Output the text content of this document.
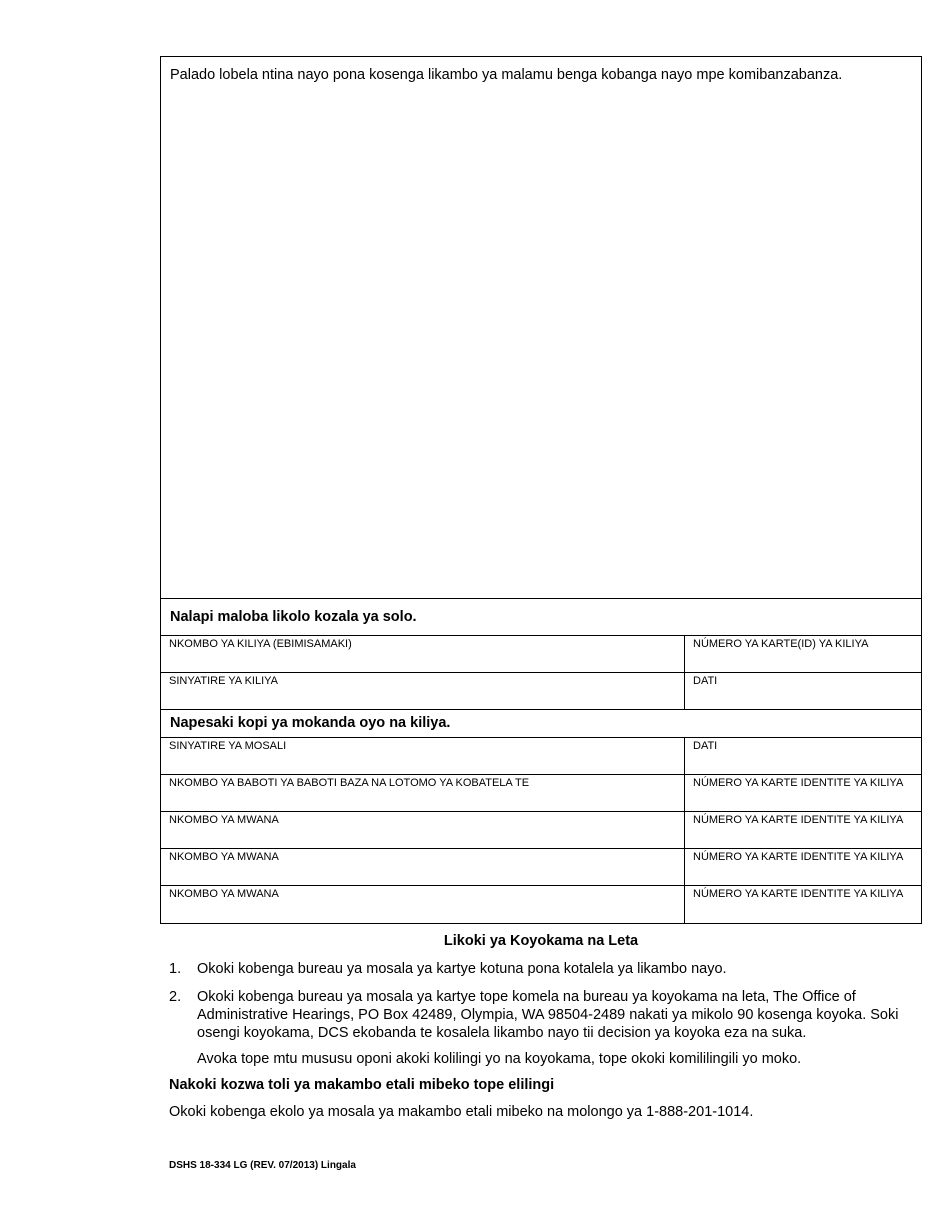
Palado lobela ntina nayo pona kosenga likambo ya malamu benga kobanga nayo mpe komibanzabanza.
Nalapi maloba likolo kozala ya solo.
NKOMBO YA KILIYA (EBIMISAMAKI)	NÚMERO YA KARTE(ID) YA KILIYA
SINYATIRE YA KILIYA	DATI
Napesaki kopi ya mokanda oyo na kiliya.
SINYATIRE YA MOSALI	DATI
NKOMBO YA BABOTI YA BABOTI BAZA NA LOTOMO YA KOBATELA TE	NÚMERO YA KARTE IDENTITE YA KILIYA
NKOMBO YA MWANA	NÚMERO YA KARTE IDENTITE YA KILIYA
NKOMBO YA MWANA	NÚMERO YA KARTE IDENTITE YA KILIYA
NKOMBO YA MWANA	NÚMERO YA KARTE IDENTITE YA KILIYA
Likoki ya Koyokama na Leta
1. Okoki kobenga bureau ya mosala ya kartye kotuna pona kotalela ya likambo nayo.
2. Okoki kobenga bureau ya mosala ya kartye tope komela na bureau ya koyokama na leta, The Office of Administrative Hearings, PO Box 42489, Olympia, WA 98504-2489 nakati ya mikolo 90 kosenga koyoka. Soki osengi koyokama, DCS ekobanda te kosalela likambo nayo tii decision ya koyoka eza na suka.
Avoka tope mtu mususu oponi akoki kolilingi yo na koyokama, tope okoki komililingili yo moko.
Nakoki kozwa toli ya makambo etali mibeko tope elilingi
Okoki kobenga ekolo ya mosala ya makambo etali mibeko na molongo ya 1-888-201-1014.
DSHS 18-334 LG (REV. 07/2013) Lingala
